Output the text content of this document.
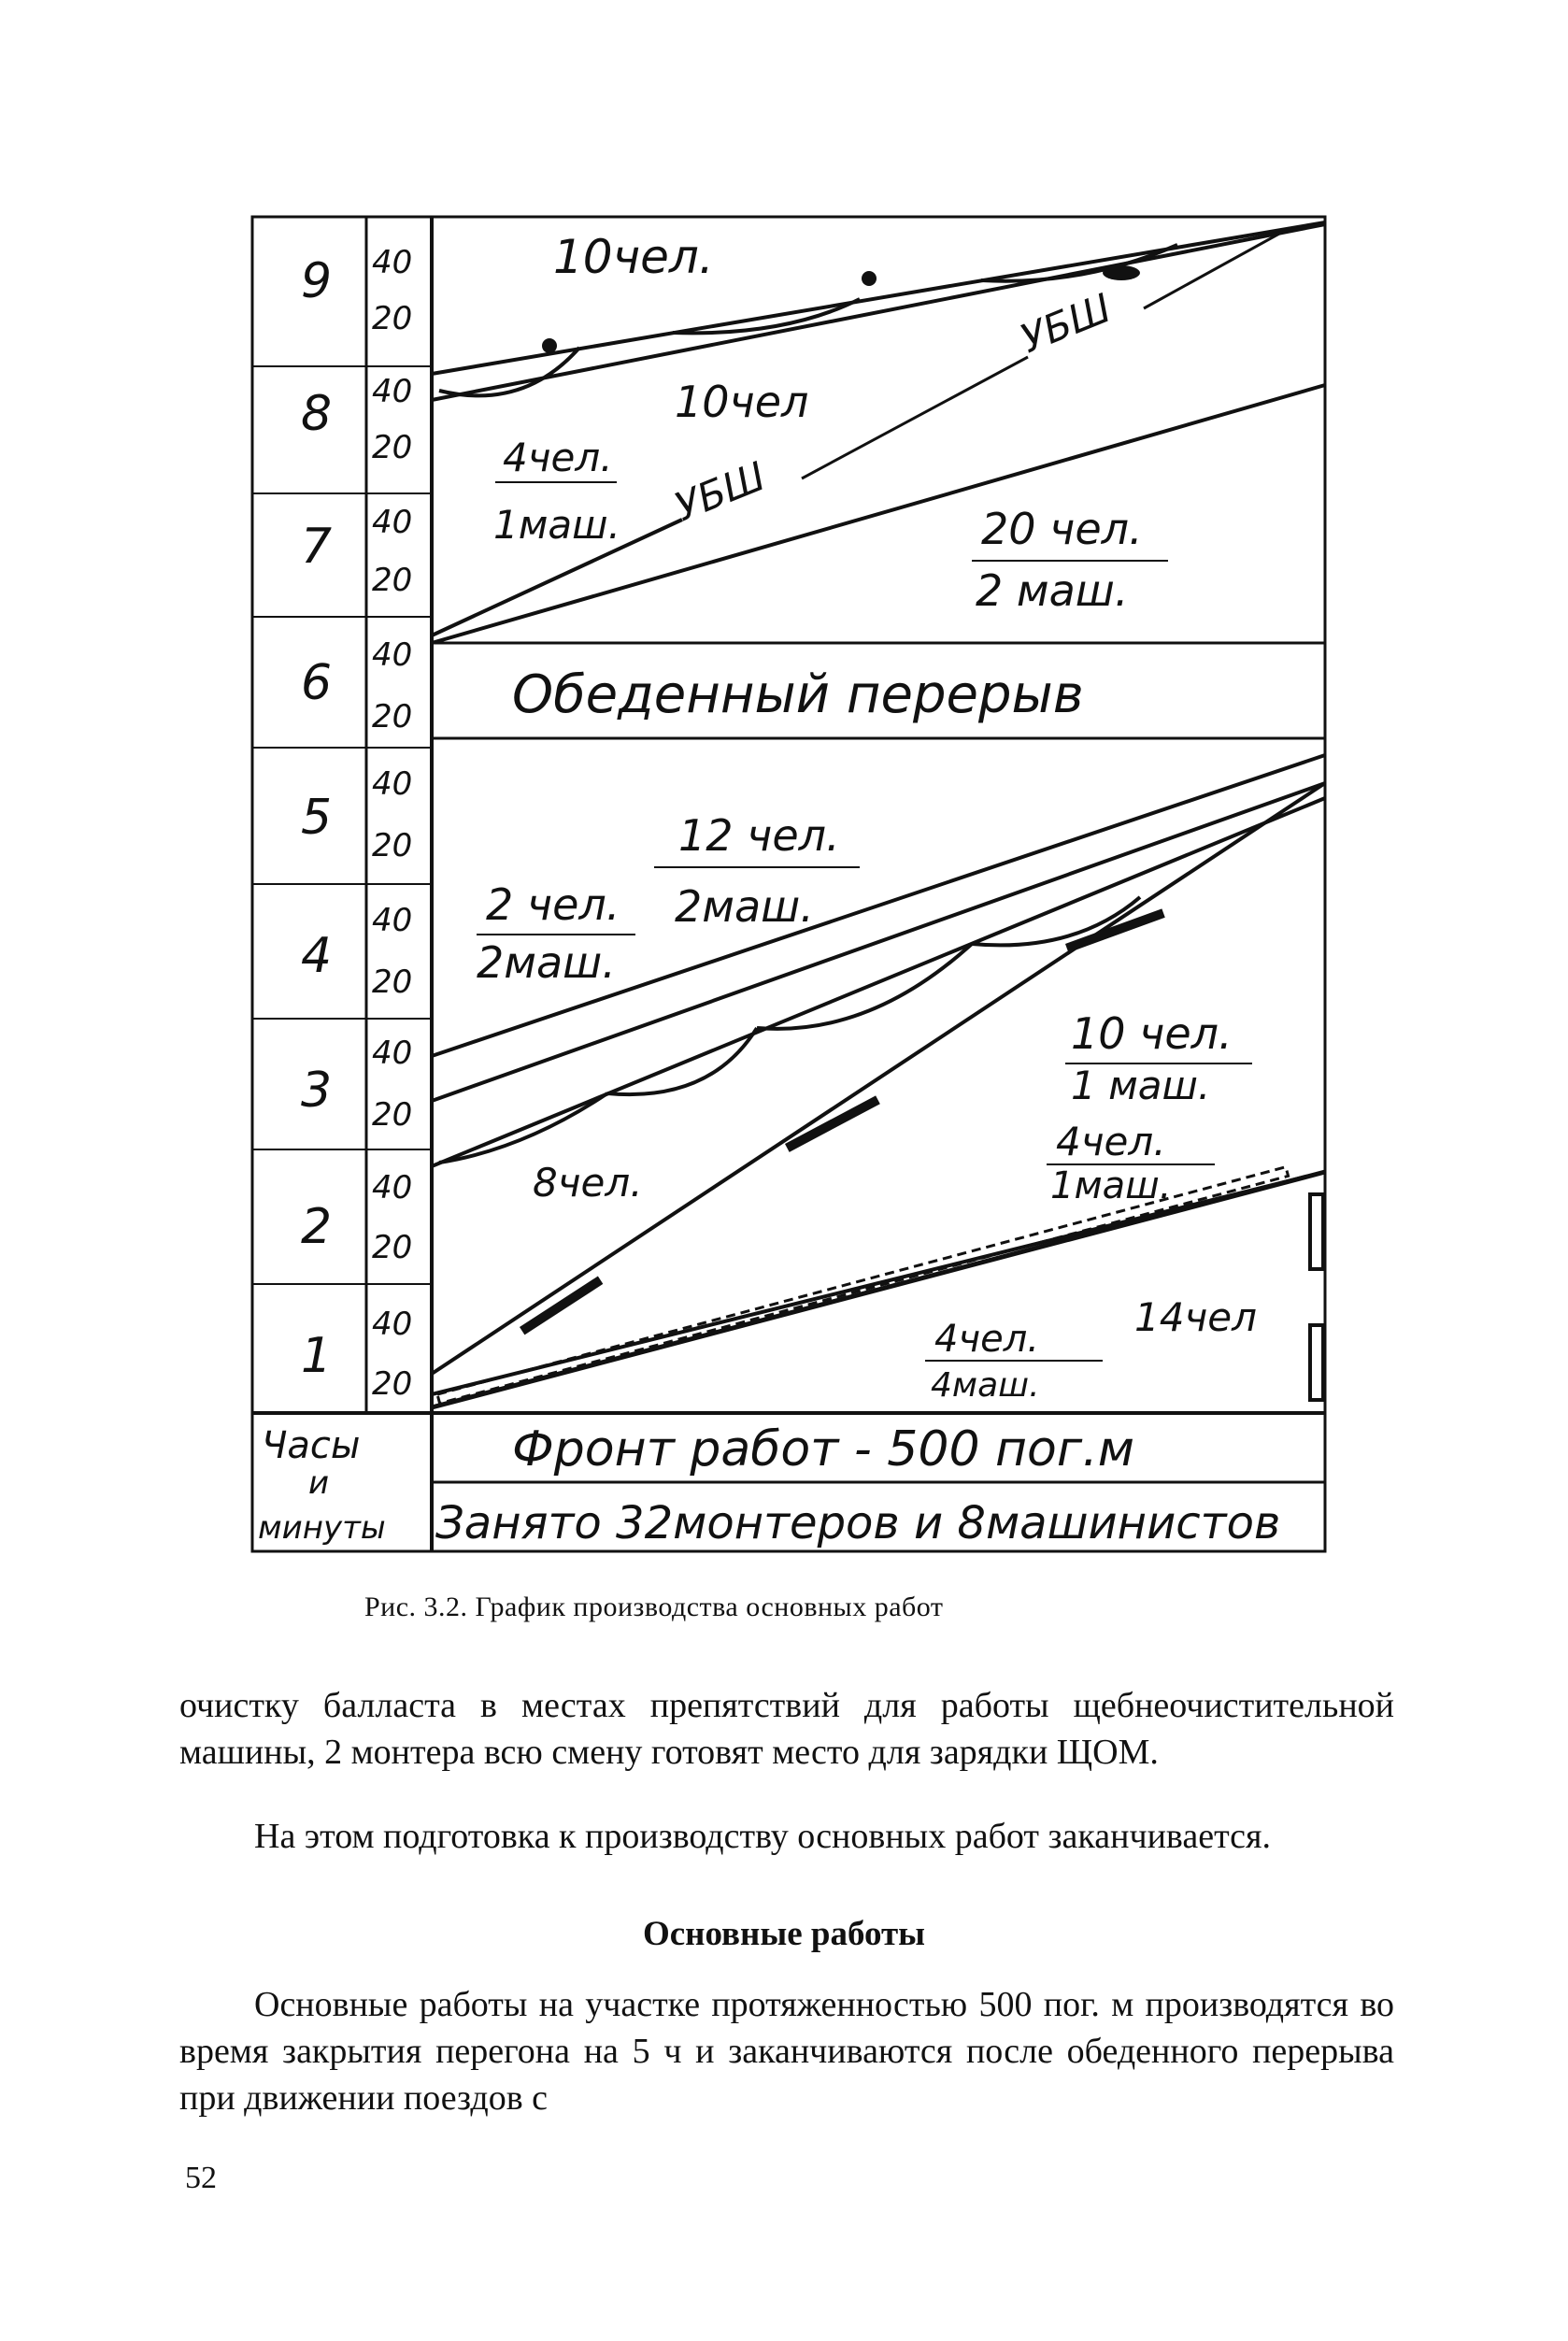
9 40
20
8 40
20
7 40
20
6 40
20
5
40
20
4
40
20
3
40
20
2
40
20
1
40
20
Часы
и
минуты
Обеденный перерыв
Фронт работ - 500 пог.м
Занято 32монтеров и 8машинистов
10чел.
10чел
УБШ
УБШ
4чел.
1маш.	20 чел.
2 маш.
12 чел.
2маш.
2 чел.
2маш.
10 чел.
1 маш.
4чел.
1маш.
8чел.
14чел
4чел.
4маш.
Рис. 3.2. График производства основных работ
очистку балласта в местах препятствий для работы щебнеочистительной машины, 2 монтера всю смену готовят место для зарядки ЩОМ.
На этом подготовка к производству основных работ заканчивается.
Основные работы
Основные работы на участке протяженностью 500 пог. м производятся во время закрытия перегона на 5 ч и заканчиваются после обеденного перерыва при движении поездов с
52
